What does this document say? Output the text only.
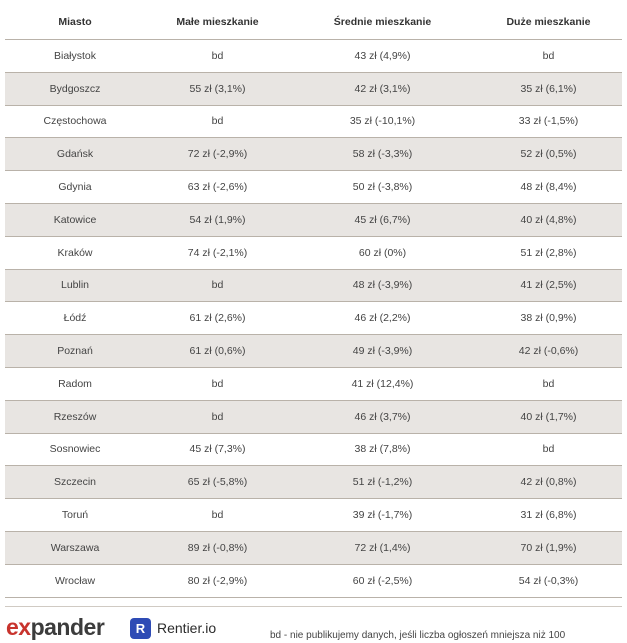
Miasto	Małe mieszkanie	Średnie mieszkanie	Duże mieszkanie
Białystok	bd	43 zł (4,9%)	bd
Bydgoszcz	55 zł (3,1%)	42 zł (3,1%)	35 zł (6,1%)
Częstochowa	bd	35 zł (-10,1%)	33 zł (-1,5%)
Gdańsk	72 zł (-2,9%)	58 zł (-3,3%)	52 zł (0,5%)
Gdynia	63 zł (-2,6%)	50 zł (-3,8%)	48 zł (8,4%)
Katowice	54 zł (1,9%)	45 zł (6,7%)	40 zł (4,8%)
Kraków	74 zł (-2,1%)	60 zł (0%)	51 zł (2,8%)
Lublin	bd	48 zł (-3,9%)	41 zł (2,5%)
Łódź	61 zł (2,6%)	46 zł (2,2%)	38 zł (0,9%)
Poznań	61 zł (0,6%)	49 zł (-3,9%)	42 zł (-0,6%)
Radom	bd	41 zł (12,4%)	bd
Rzeszów	bd	46 zł (3,7%)	40 zł (1,7%)
Sosnowiec	45 zł (7,3%)	38 zł (7,8%)	bd
Szczecin	65 zł (-5,8%)	51 zł (-1,2%)	42 zł (0,8%)
Toruń	bd	39 zł (-1,7%)	31 zł (6,8%)
Warszawa	89 zł (-0,8%)	72 zł (1,4%)	70 zł (1,9%)
Wrocław	80 zł (-2,9%)	60 zł (-2,5%)	54 zł (-0,3%)
expander	R Rentier.io	bd - nie publikujemy danych, jeśli liczba ogłoszeń mniejsza niż 100
